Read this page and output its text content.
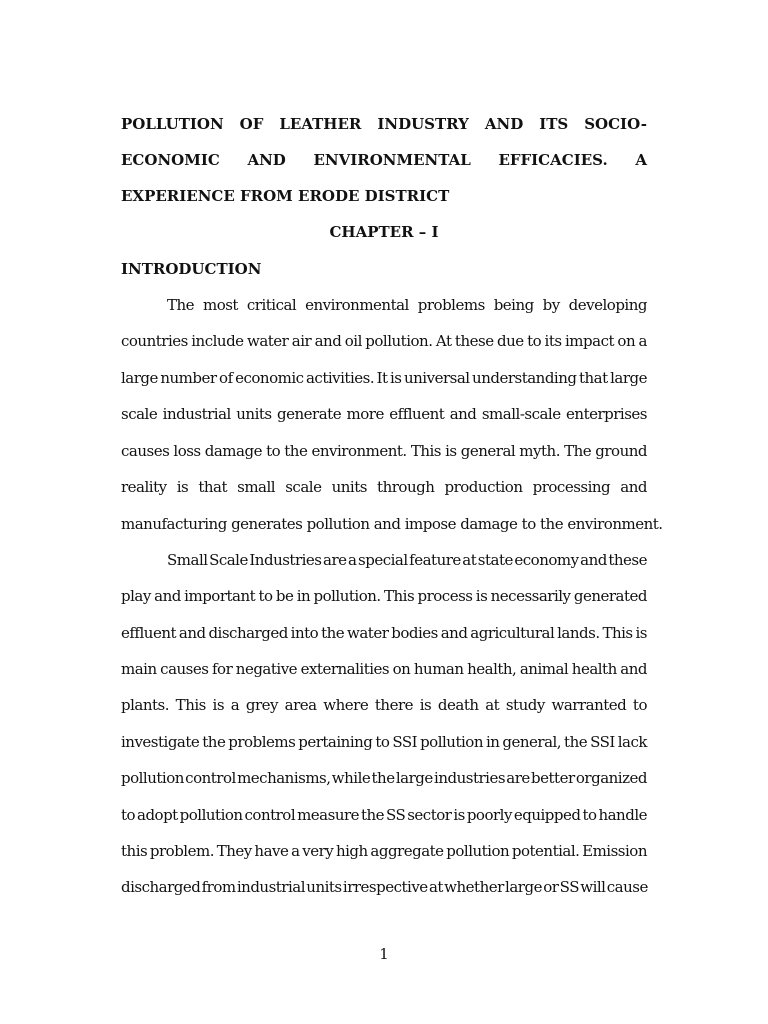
POLLUTION OF LEATHER INDUSTRY AND ITS SOCIO-
ECONOMIC AND ENVIRONMENTAL EFFICACIES. A
EXPERIENCE FROM ERODE DISTRICT
CHAPTER – I
INTRODUCTION
The most critical environmental problems being by developing
countries include water air and oil pollution. At these due to its impact on a
large number of economic activities. It is universal understanding that large
scale industrial units generate more effluent and small-scale enterprises
causes loss damage to the environment. This is general myth. The ground
reality is that small scale units through production processing and
manufacturing generates pollution and impose damage to the environment.
Small Scale Industries are a special feature at state economy and these
play and important to be in pollution. This process is necessarily generated
effluent and discharged into the water bodies and agricultural lands. This is
main causes for negative externalities on human health, animal health and
plants. This is a grey area where there is death at study warranted to
investigate the problems pertaining to SSI pollution in general, the SSI lack
pollution control mechanisms, while the large industries are better organized
to adopt pollution control measure the SS sector is poorly equipped to handle
this problem. They have a very high aggregate pollution potential. Emission
discharged from industrial units irrespective at whether large or SS will cause
1
